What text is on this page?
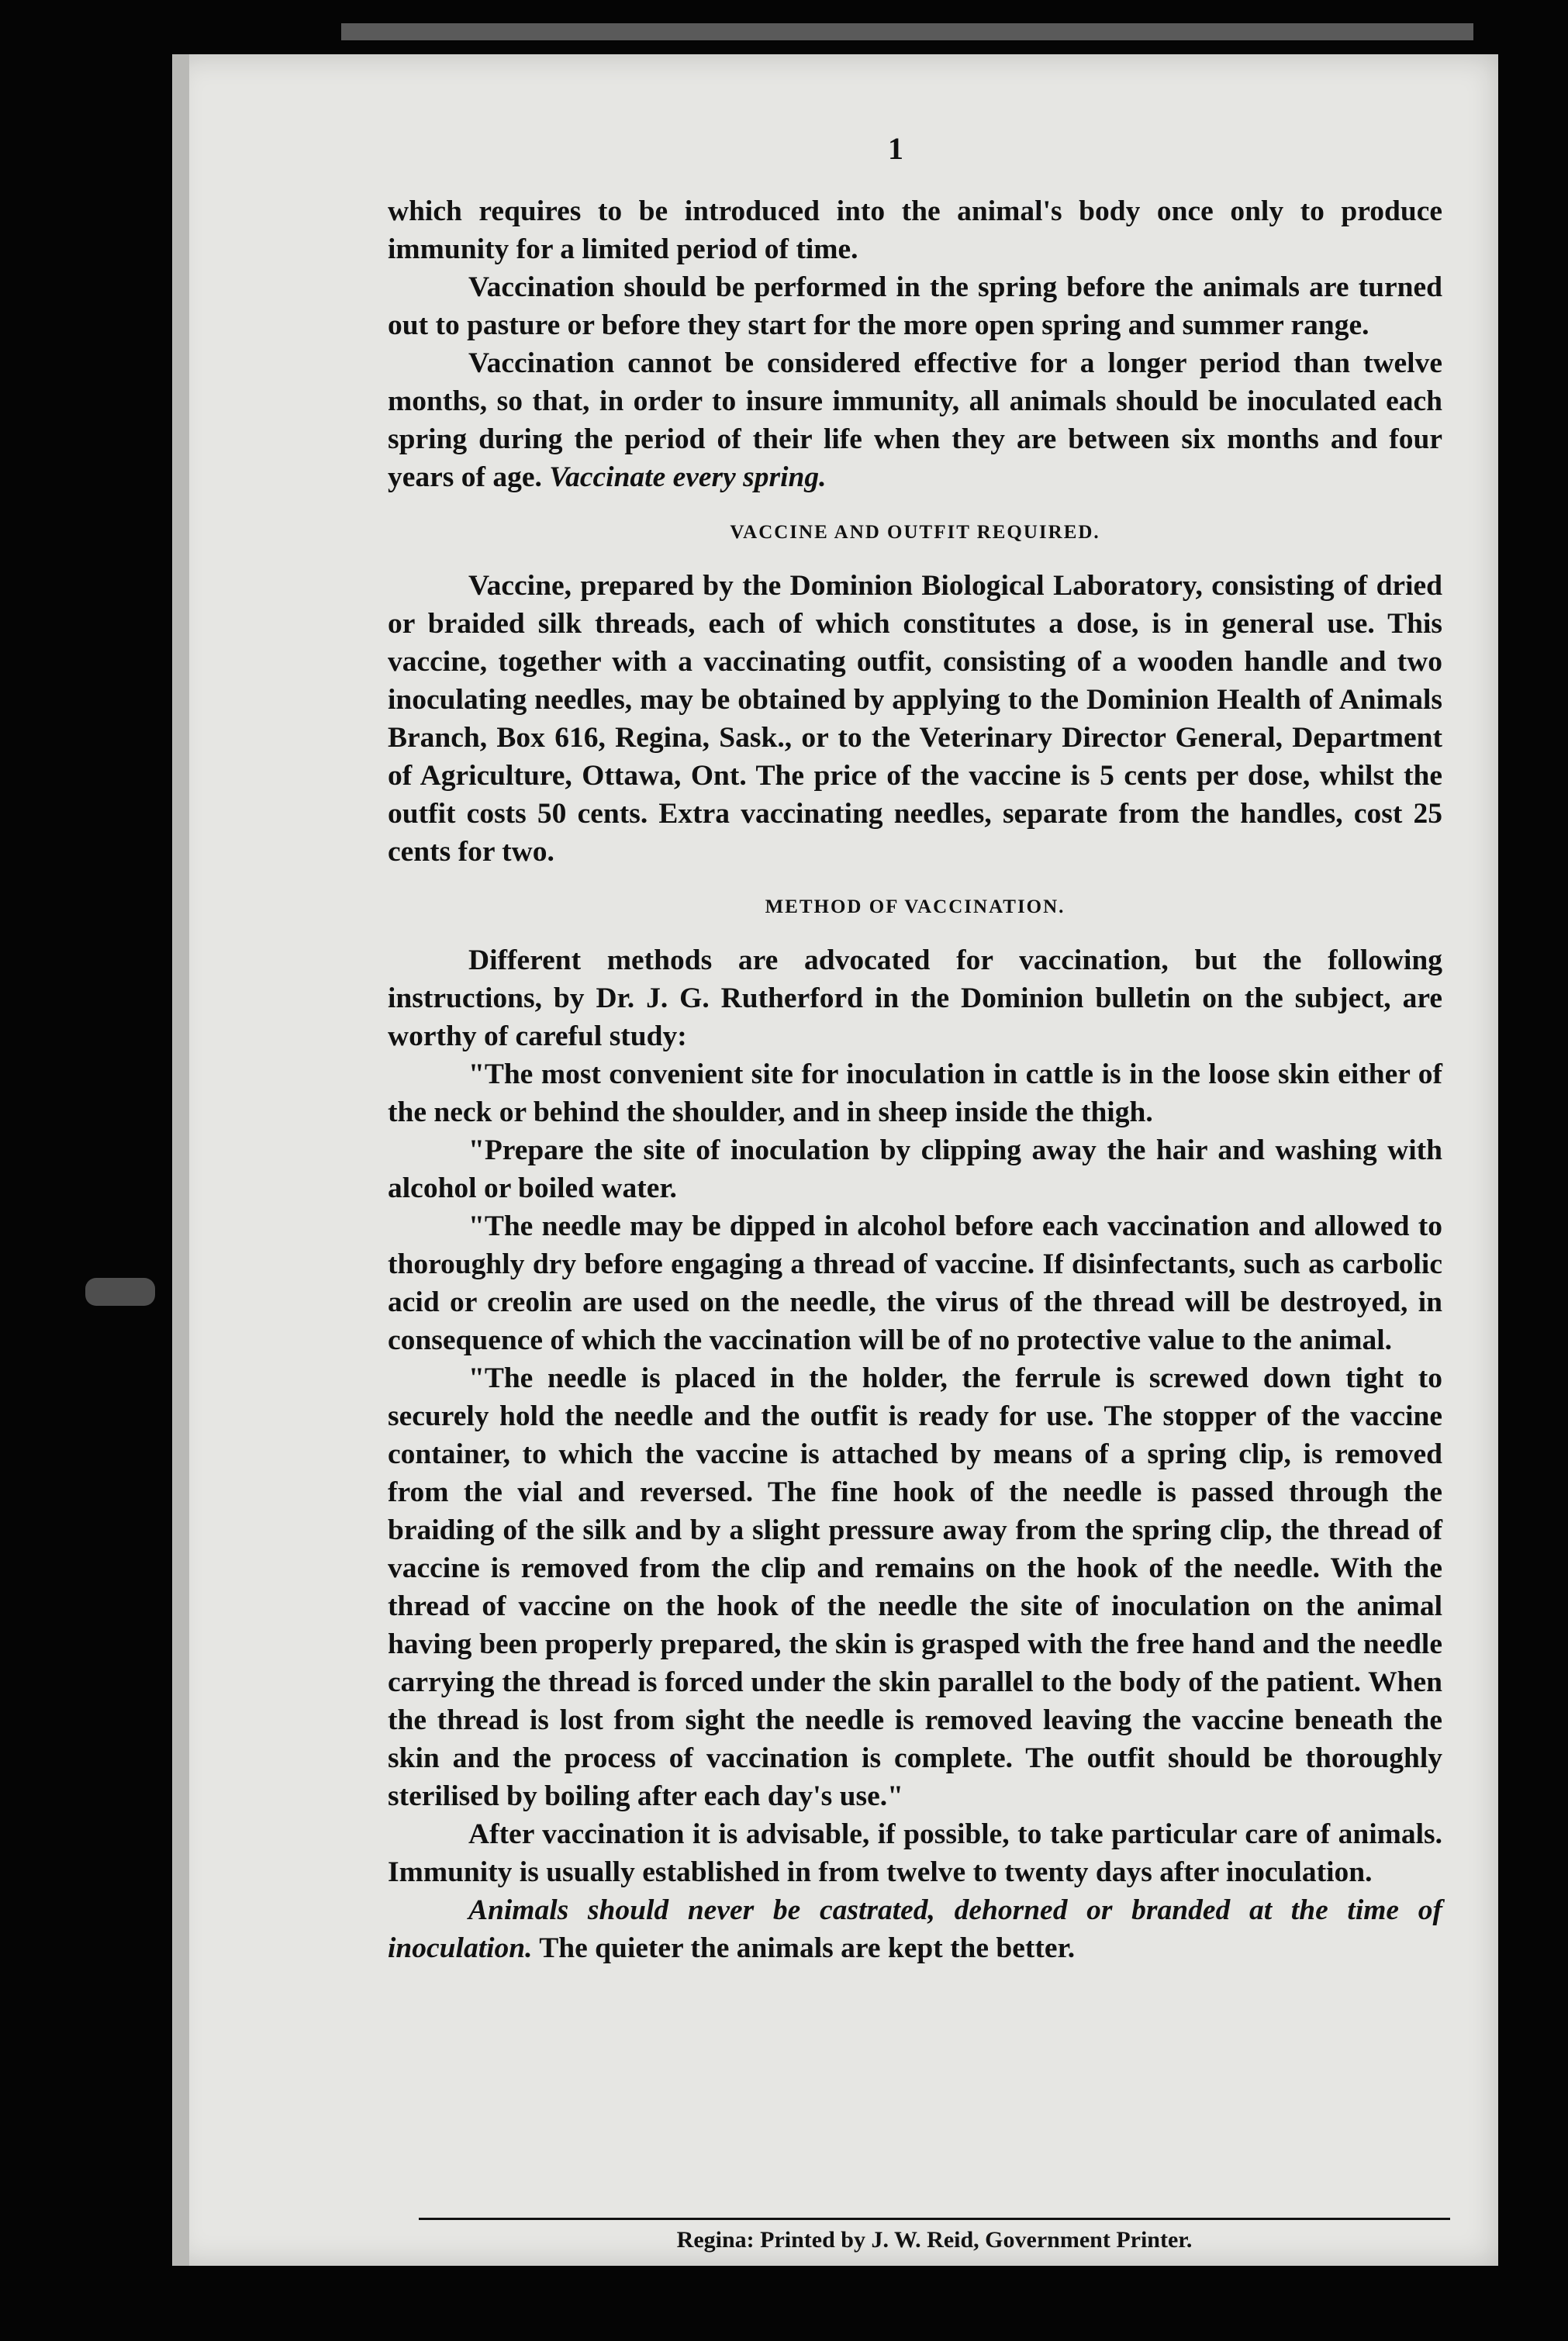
1

which requires to be introduced into the animal's body once only to produce immunity for a limited period of time.

Vaccination should be performed in the spring before the animals are turned out to pasture or before they start for the more open spring and summer range.

Vaccination cannot be considered effective for a longer period than twelve months, so that, in order to insure immunity, all animals should be inoculated each spring during the period of their life when they are between six months and four years of age. Vaccinate every spring.

VACCINE AND OUTFIT REQUIRED.

Vaccine, prepared by the Dominion Biological Laboratory, consisting of dried or braided silk threads, each of which constitutes a dose, is in general use. This vaccine, together with a vaccinating outfit, consisting of a wooden handle and two inoculating needles, may be obtained by applying to the Dominion Health of Animals Branch, Box 616, Regina, Sask., or to the Veterinary Director General, Department of Agriculture, Ottawa, Ont. The price of the vaccine is 5 cents per dose, whilst the outfit costs 50 cents. Extra vaccinating needles, separate from the handles, cost 25 cents for two.

METHOD OF VACCINATION.

Different methods are advocated for vaccination, but the following instructions, by Dr. J. G. Rutherford in the Dominion bulletin on the subject, are worthy of careful study:

"The most convenient site for inoculation in cattle is in the loose skin either of the neck or behind the shoulder, and in sheep inside the thigh.

"Prepare the site of inoculation by clipping away the hair and washing with alcohol or boiled water.

"The needle may be dipped in alcohol before each vaccination and allowed to thoroughly dry before engaging a thread of vaccine. If disinfectants, such as carbolic acid or creolin are used on the needle, the virus of the thread will be destroyed, in consequence of which the vaccination will be of no protective value to the animal.

"The needle is placed in the holder, the ferrule is screwed down tight to securely hold the needle and the outfit is ready for use. The stopper of the vaccine container, to which the vaccine is attached by means of a spring clip, is removed from the vial and reversed. The fine hook of the needle is passed through the braiding of the silk and by a slight pressure away from the spring clip, the thread of vaccine is removed from the clip and remains on the hook of the needle. With the thread of vaccine on the hook of the needle the site of inoculation on the animal having been properly prepared, the skin is grasped with the free hand and the needle carrying the thread is forced under the skin parallel to the body of the patient. When the thread is lost from sight the needle is removed leaving the vaccine beneath the skin and the process of vaccination is complete. The outfit should be thoroughly sterilised by boiling after each day's use."

After vaccination it is advisable, if possible, to take particular care of animals. Immunity is usually established in from twelve to twenty days after inoculation.

Animals should never be castrated, dehorned or branded at the time of inoculation. The quieter the animals are kept the better.

Regina: Printed by J. W. Reid, Government Printer.
